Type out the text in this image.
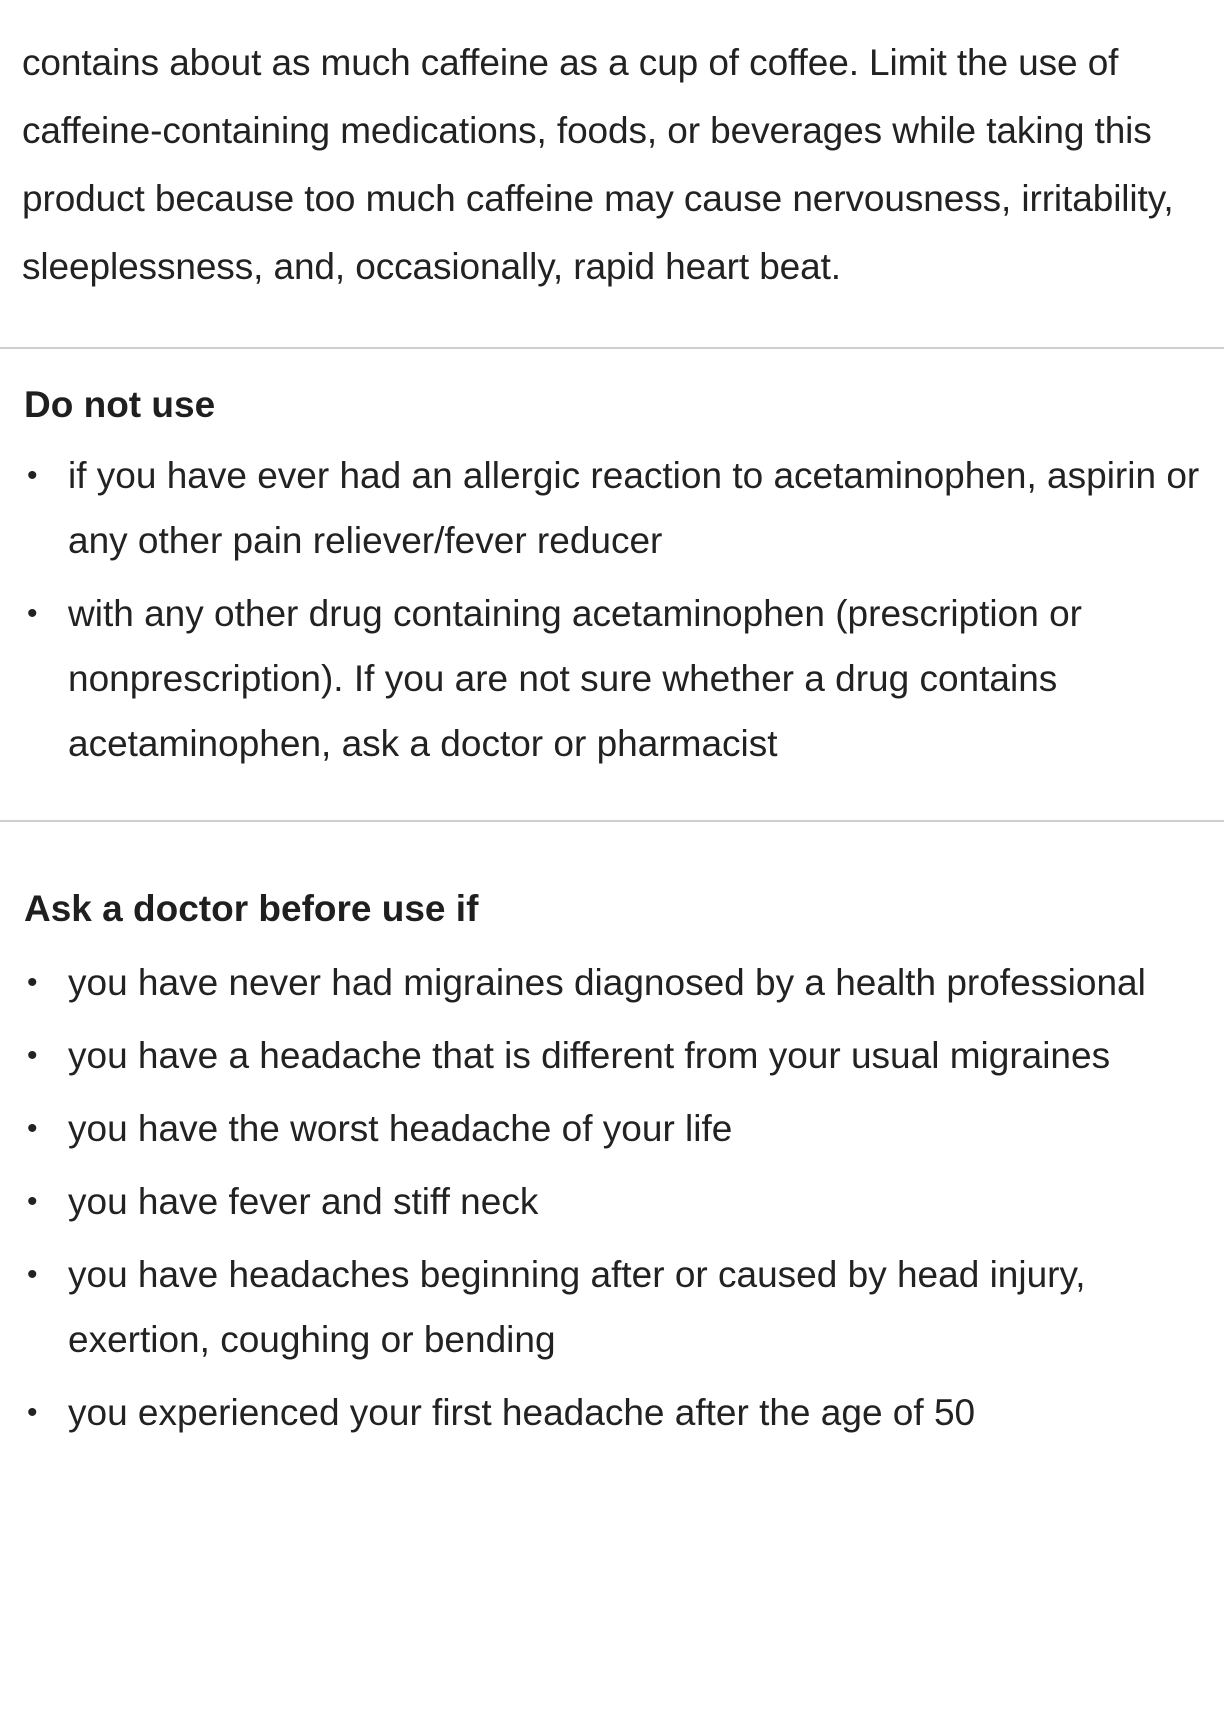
contains about as much caffeine as a cup of coffee. Limit the use of caffeine-containing medications, foods, or beverages while taking this product because too much caffeine may cause nervousness, irritability, sleeplessness, and, occasionally, rapid heart beat.

Do not use
• if you have ever had an allergic reaction to acetaminophen, aspirin or any other pain reliever/fever reducer
• with any other drug containing acetaminophen (prescription or nonprescription). If you are not sure whether a drug contains acetaminophen, ask a doctor or pharmacist
Ask a doctor before use if
• you have never had migraines diagnosed by a health professional
• you have a headache that is different from your usual migraines
• you have the worst headache of your life
• you have fever and stiff neck
• you have headaches beginning after or caused by head injury, exertion, coughing or bending
• you experienced your first headache after the age of 50
